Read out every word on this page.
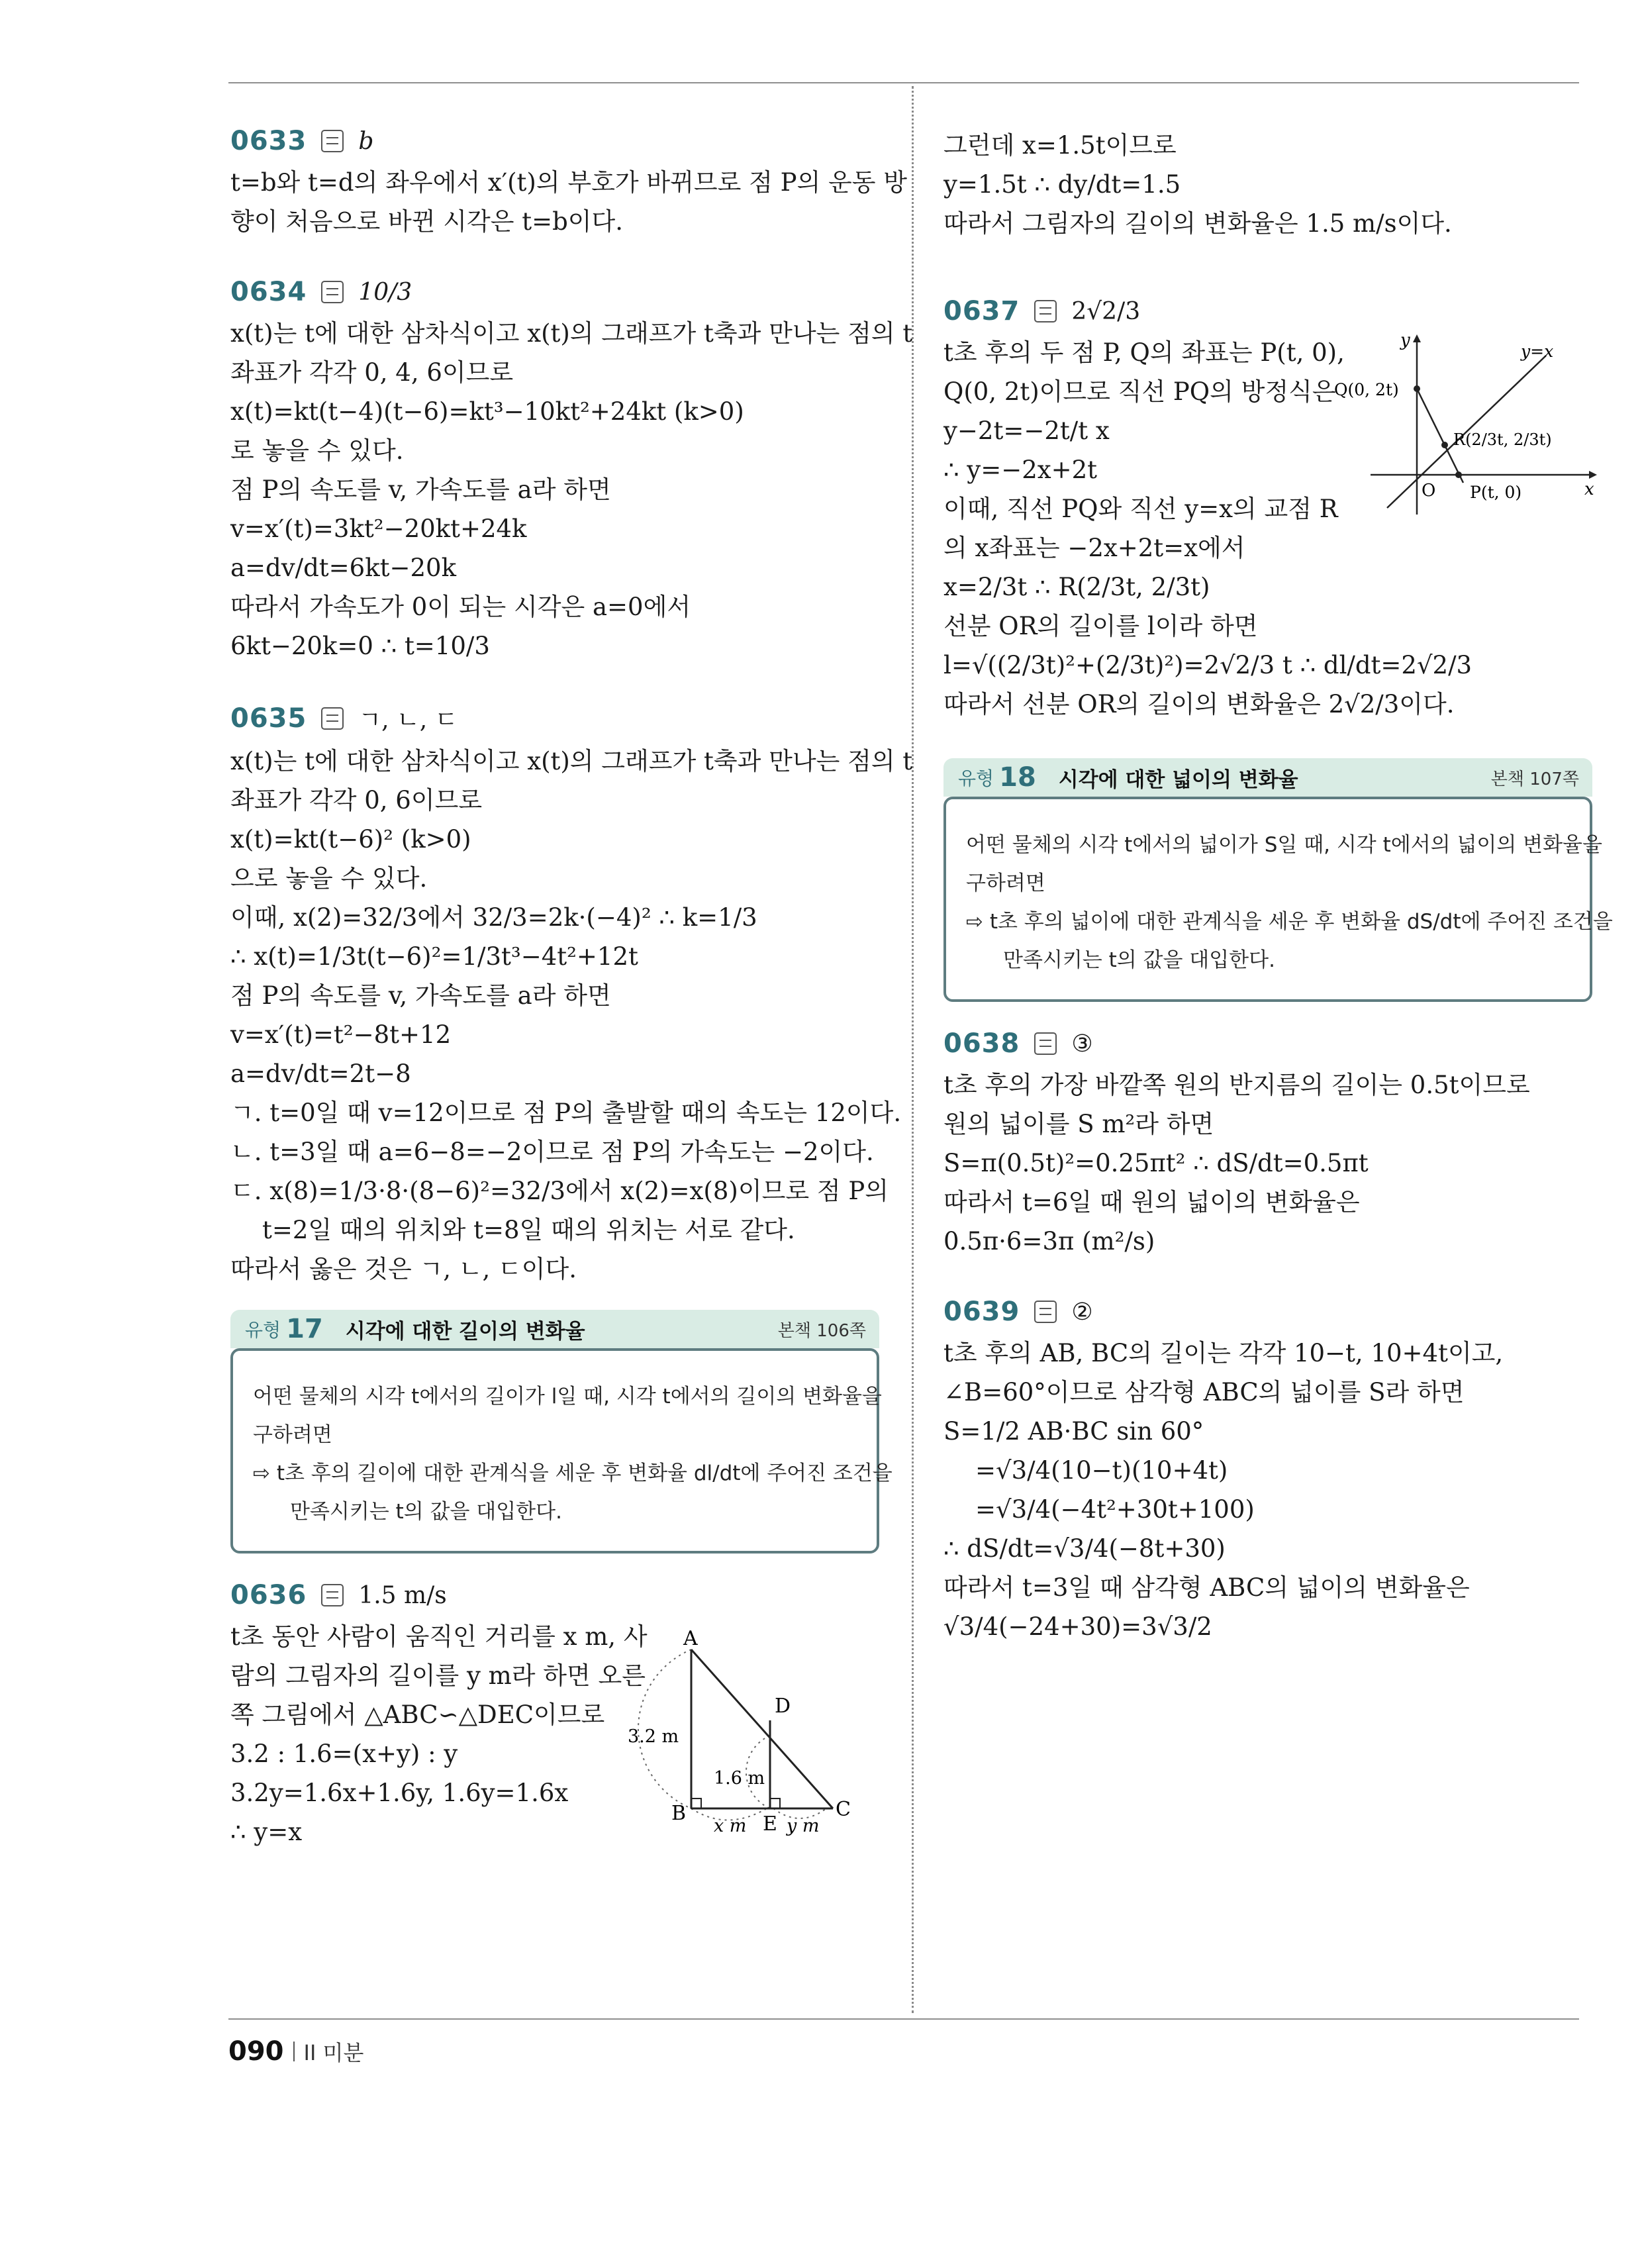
0633 b
t=b와 t=d의 좌우에서 x′(t)의 부호가 바뀌므로 점 P의 운동 방
향이 처음으로 바뀐 시각은 t=b이다.
0634 10/3
x(t)는 t에 대한 삼차식이고 x(t)의 그래프가 t축과 만나는 점의 t
좌표가 각각 0, 4, 6이므로
x(t)=kt(t−4)(t−6)=kt³−10kt²+24kt (k>0)
로 놓을 수 있다.
점 P의 속도를 v, 가속도를 a라 하면
v=x′(t)=3kt²−20kt+24k
a=dv/dt=6kt−20k
따라서 가속도가 0이 되는 시각은 a=0에서
6kt−20k=0 ∴ t=10/3
0635 ㄱ, ㄴ, ㄷ
x(t)는 t에 대한 삼차식이고 x(t)의 그래프가 t축과 만나는 점의 t
좌표가 각각 0, 6이므로
x(t)=kt(t−6)² (k>0)
으로 놓을 수 있다.
이때, x(2)=32/3에서 32/3=2k·(−4)² ∴ k=1/3
∴ x(t)=1/3t(t−6)²=1/3t³−4t²+12t
점 P의 속도를 v, 가속도를 a라 하면
v=x′(t)=t²−8t+12
a=dv/dt=2t−8
ㄱ. t=0일 때 v=12이므로 점 P의 출발할 때의 속도는 12이다.
ㄴ. t=3일 때 a=6−8=−2이므로 점 P의 가속도는 −2이다.
ㄷ. x(8)=1/3·8·(8−6)²=32/3에서 x(2)=x(8)이므로 점 P의
t=2일 때의 위치와 t=8일 때의 위치는 서로 같다.
따라서 옳은 것은 ㄱ, ㄴ, ㄷ이다.
유형 17 시각에 대한 길이의 변화율	본책 106쪽
어떤 물체의 시각 t에서의 길이가 l일 때, 시각 t에서의 길이의 변화율을
구하려면
⇨ t초 후의 길이에 대한 관계식을 세운 후 변화율 dl/dt에 주어진 조건을
만족시키는 t의 값을 대입한다.
0636 1.5 m/s
t초 동안 사람이 움직인 거리를 x m, 사
람의 그림자의 길이를 y m라 하면 오른
쪽 그림에서 △ABC∽△DEC이므로
3.2 : 1.6=(x+y) : y
3.2y=1.6x+1.6y, 1.6y=1.6x
∴ y=x
A
B	C
D
E
3.2 m
1.6 m
x m y m
그런데 x=1.5t이므로
y=1.5t ∴ dy/dt=1.5
따라서 그림자의 길이의 변화율은 1.5 m/s이다.
0637 2√2/3
t초 후의 두 점 P, Q의 좌표는 P(t, 0),
Q(0, 2t)이므로 직선 PQ의 방정식은
y−2t=−2t/t x
∴ y=−2x+2t
이때, 직선 PQ와 직선 y=x의 교점 R
의 x좌표는 −2x+2t=x에서
x=2/3t ∴ R(2/3t, 2/3t)
선분 OR의 길이를 l이라 하면
l=√((2/3t)²+(2/3t)²)=2√2/3 t ∴ dl/dt=2√2/3
따라서 선분 OR의 길이의 변화율은 2√2/3이다.
y
x
O
Q(0, 2t)
P(t, 0)
R(2/3t, 2/3t)
y=x
유형 18 시각에 대한 넓이의 변화율	본책 107쪽
어떤 물체의 시각 t에서의 넓이가 S일 때, 시각 t에서의 넓이의 변화율을
구하려면
⇨ t초 후의 넓이에 대한 관계식을 세운 후 변화율 dS/dt에 주어진 조건을
만족시키는 t의 값을 대입한다.
0638 ③
t초 후의 가장 바깥쪽 원의 반지름의 길이는 0.5t이므로
원의 넓이를 S m²라 하면
S=π(0.5t)²=0.25πt² ∴ dS/dt=0.5πt
따라서 t=6일 때 원의 넓이의 변화율은
0.5π·6=3π (m²/s)
0639 ②
t초 후의 AB, BC의 길이는 각각 10−t, 10+4t이고,
∠B=60°이므로 삼각형 ABC의 넓이를 S라 하면
S=1/2 AB·BC sin 60°
=√3/4(10−t)(10+4t)
=√3/4(−4t²+30t+100)
∴ dS/dt=√3/4(−8t+30)
따라서 t=3일 때 삼각형 ABC의 넓이의 변화율은
√3/4(−24+30)=3√3/2
090 II 미분
